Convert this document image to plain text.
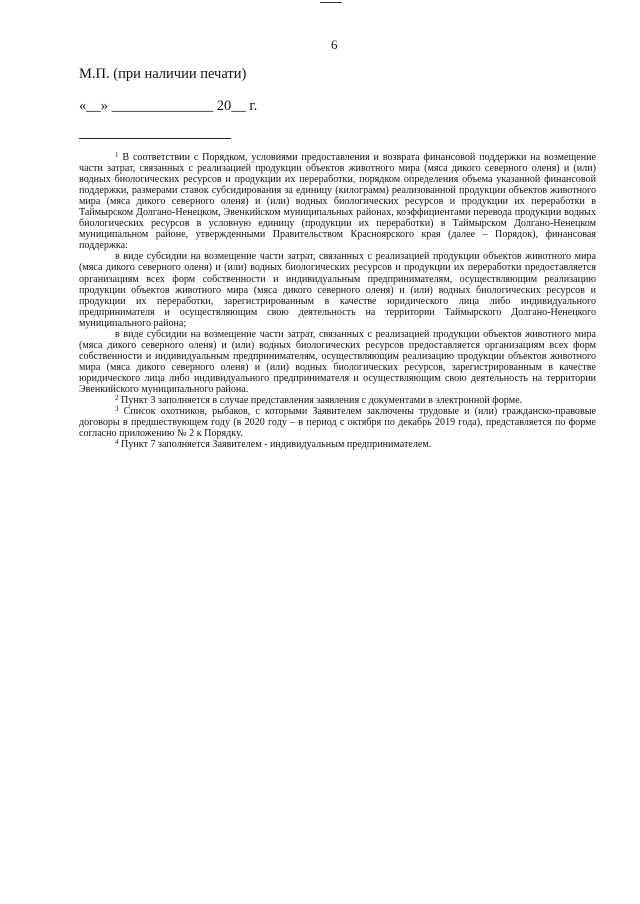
6
М.П. (при наличии печати)
«__» ______________ 20__ г.

$^1$ В соответствии с Порядком, условиями предоставления и возврата финансовой поддержки на возмещение части затрат, связанных с реализацией продукции объектов животного мира (мяса дикого северного оленя) и (или) водных биологических ресурсов и продукции их переработки, порядком определения объема указанной финансовой поддержки, размерами ставок субсидирования за единицу (килограмм) реализованной продукции объектов животного мира (мяса дикого северного оленя) и (или) водных биологических ресурсов и продукции их переработки в Таймырском Долгано-Ненецком, Эвенкийском муниципальных районах, коэффициентами перевода продукции водных биологических ресурсов в условную единицу (продукции их переработки) в Таймырском Долгано-Ненецком муниципальном районе, утвержденными Правительством Красноярского края (далее – Порядок), финансовая поддержка:

в виде субсидии на возмещение части затрат, связанных с реализацией продукции объектов животного мира (мяса дикого северного оленя) и (или) водных биологических ресурсов и продукции их переработки предоставляется организациям всех форм собственности и индивидуальным предпринимателям, осуществляющим реализацию продукции объектов животного мира (мяса дикого северного оленя) и (или) водных биологических ресурсов и продукции их переработки, зарегистрированным в качестве юридического лица либо индивидуального предпринимателя и осуществляющим свою деятельность на территории Таймырского Долгано-Ненецкого муниципального района;

в виде субсидии на возмещение части затрат, связанных с реализацией продукции объектов животного мира (мяса дикого северного оленя) и (или) водных биологических ресурсов предоставляется организациям всех форм собственности и индивидуальным предпринимателям, осуществляющим реализацию продукции объектов животного мира (мяса дикого северного оленя) и (или) водных биологических ресурсов, зарегистрированным в качестве юридического лица либо индивидуального предпринимателя и осуществляющим свою деятельность на территории Эвенкийского муниципального района.

$^2$ Пункт 3 заполняется в случае представления заявления с документами в электронной форме.

$^3$ Список охотников, рыбаков, с которыми Заявителем заключены трудовые и (или) гражданско-правовые договоры в предшествующем году (в 2020 году – в период с октября по декабрь 2019 года), представляется по форме согласно приложению № 2 к Порядку.

$^4$ Пункт 7 заполняется Заявителем - индивидуальным предпринимателем.
